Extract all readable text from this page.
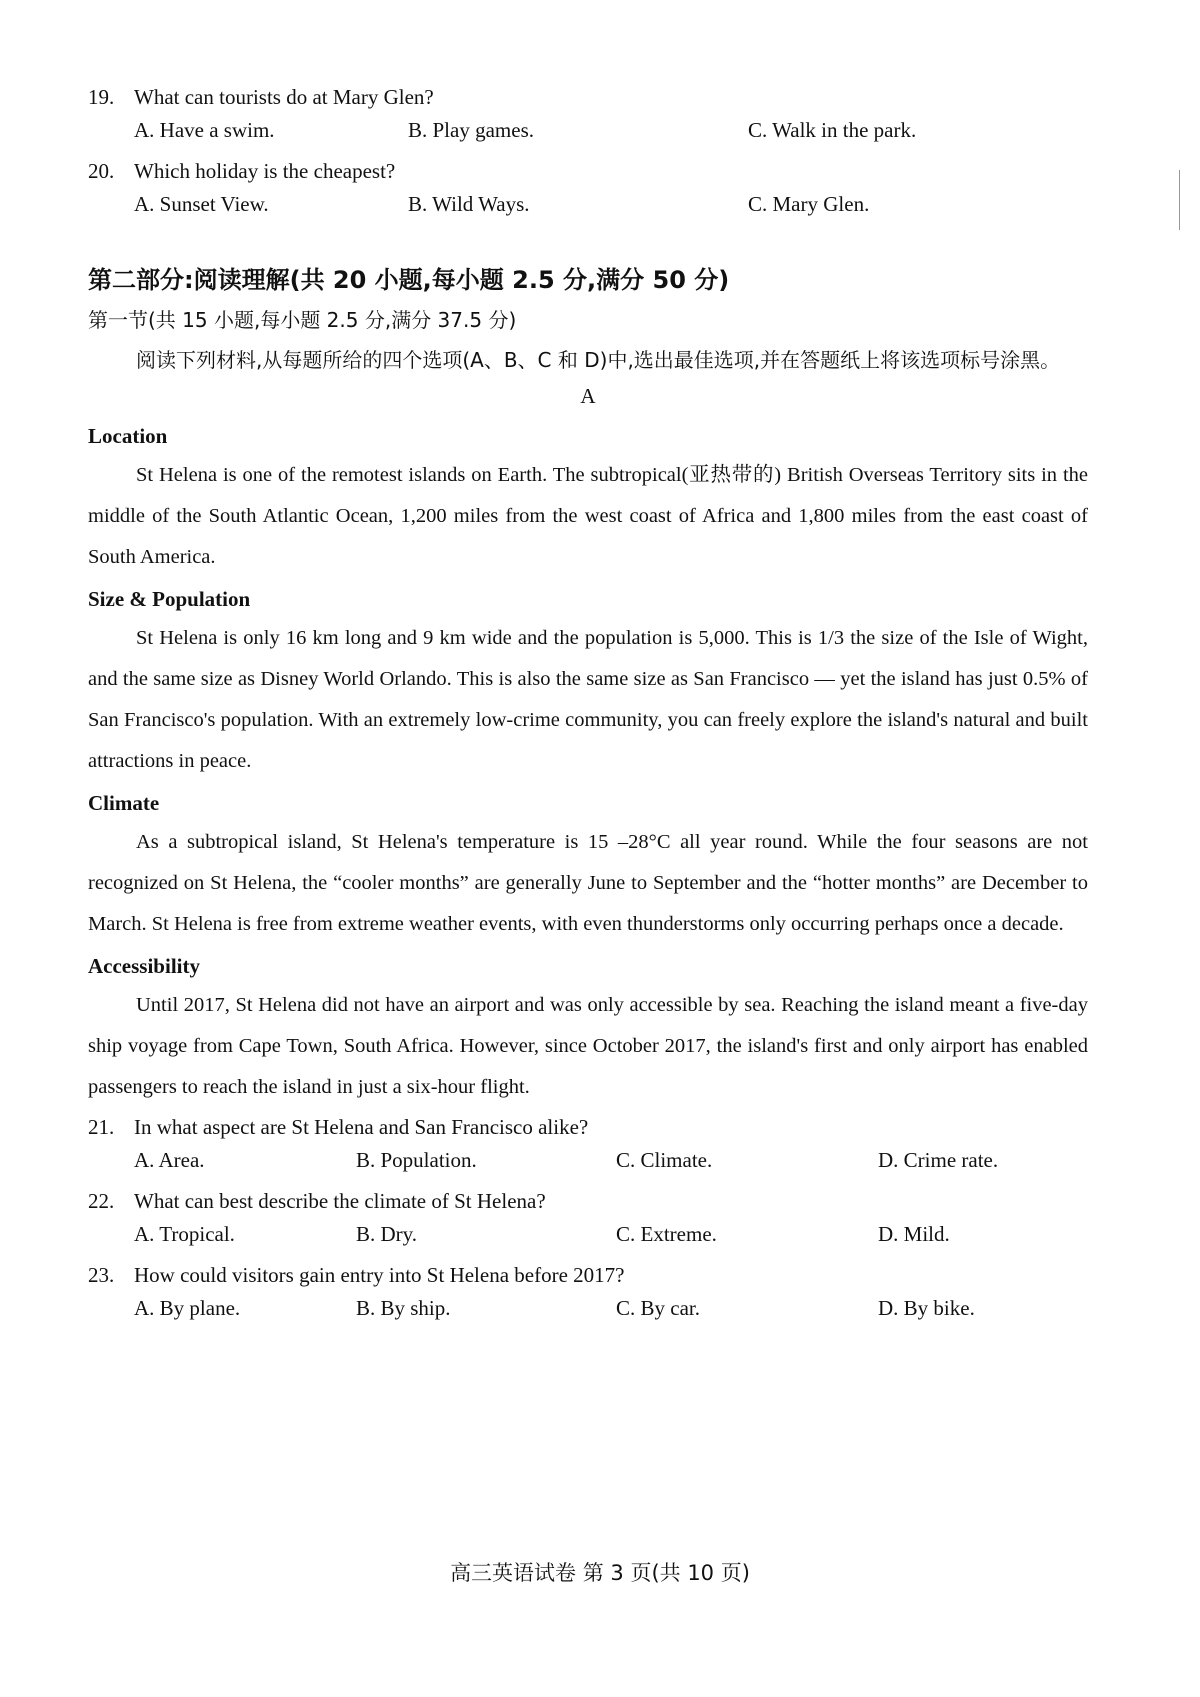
19. What can tourists do at Mary Glen?

A. Have a swim.	B. Play games.	C. Walk in the park.

20. Which holiday is the cheapest?

A. Sunset View.	B. Wild Ways.	C. Mary Glen.
第二部分:阅读理解(共 20 小题,每小题 2.5 分,满分 50 分)

第一节(共 15 小题,每小题 2.5 分,满分 37.5 分)

阅读下列材料,从每题所给的四个选项(A、B、C 和 D)中,选出最佳选项,并在答题纸上将该选项标号涂黑。

A
Location

St Helena is one of the remotest islands on Earth. The subtropical(亚热带的) British Overseas Territory sits in the middle of the South Atlantic Ocean, 1,200 miles from the west coast of Africa and 1,800 miles from the east coast of South America.

Size & Population

St Helena is only 16 km long and 9 km wide and the population is 5,000. This is 1/3 the size of the Isle of Wight, and the same size as Disney World Orlando. This is also the same size as San Francisco — yet the island has just 0.5% of San Francisco's population. With an extremely low-crime community, you can freely explore the island's natural and built attractions in peace.

Climate

As a subtropical island, St Helena's temperature is 15 –28°C all year round. While the four seasons are not recognized on St Helena, the “cooler months” are generally June to September and the “hotter months” are December to March. St Helena is free from extreme weather events, with even thunderstorms only occurring perhaps once a decade.

Accessibility

Until 2017, St Helena did not have an airport and was only accessible by sea. Reaching the island meant a five-day ship voyage from Cape Town, South Africa. However, since October 2017, the island's first and only airport has enabled passengers to reach the island in just a six-hour flight.

21. In what aspect are St Helena and San Francisco alike?

A. Area.	B. Population.	C. Climate.	D. Crime rate.

22. What can best describe the climate of St Helena?

A. Tropical.	B. Dry.	C. Extreme.	D. Mild.

23. How could visitors gain entry into St Helena before 2017?

A. By plane.	B. By ship.	C. By car.	D. By bike.
高三英语试卷 第 3 页(共 10 页)
